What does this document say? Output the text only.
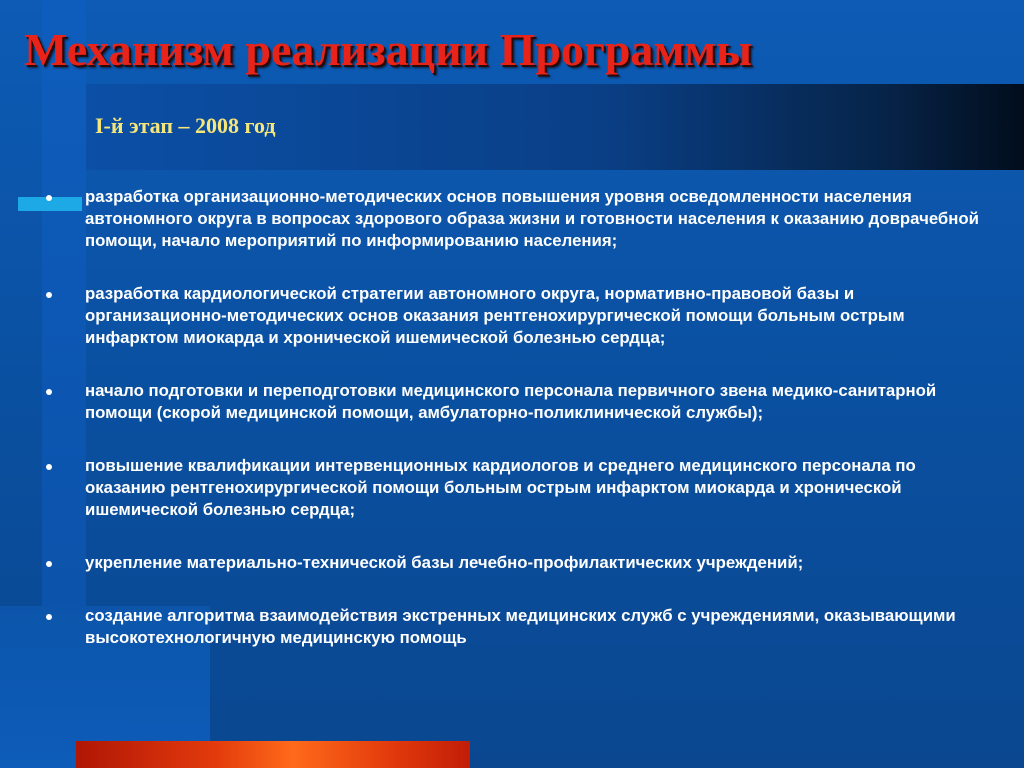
Механизм реализации Программы
I-й этап – 2008 год
разработка организационно-методических основ повышения уровня осведомленности населения автономного округа в вопросах здорового образа жизни и готовности населения к оказанию доврачебной помощи, начало мероприятий по информированию населения;
разработка кардиологической стратегии автономного округа, нормативно-правовой базы и организационно-методических основ оказания рентгенохирургической помощи больным острым инфарктом миокарда и хронической ишемической болезнью сердца;
начало подготовки и переподготовки медицинского персонала первичного звена медико-санитарной помощи (скорой медицинской помощи, амбулаторно-поликлинической службы);
повышение квалификации интервенционных кардиологов и среднего медицинского персонала по оказанию рентгенохирургической помощи больным острым инфарктом миокарда и хронической ишемической болезнью сердца;
укрепление материально-технической базы лечебно-профилактических учреждений;
создание алгоритма взаимодействия экстренных медицинских служб с учреждениями, оказывающими высокотехнологичную медицинскую помощь
